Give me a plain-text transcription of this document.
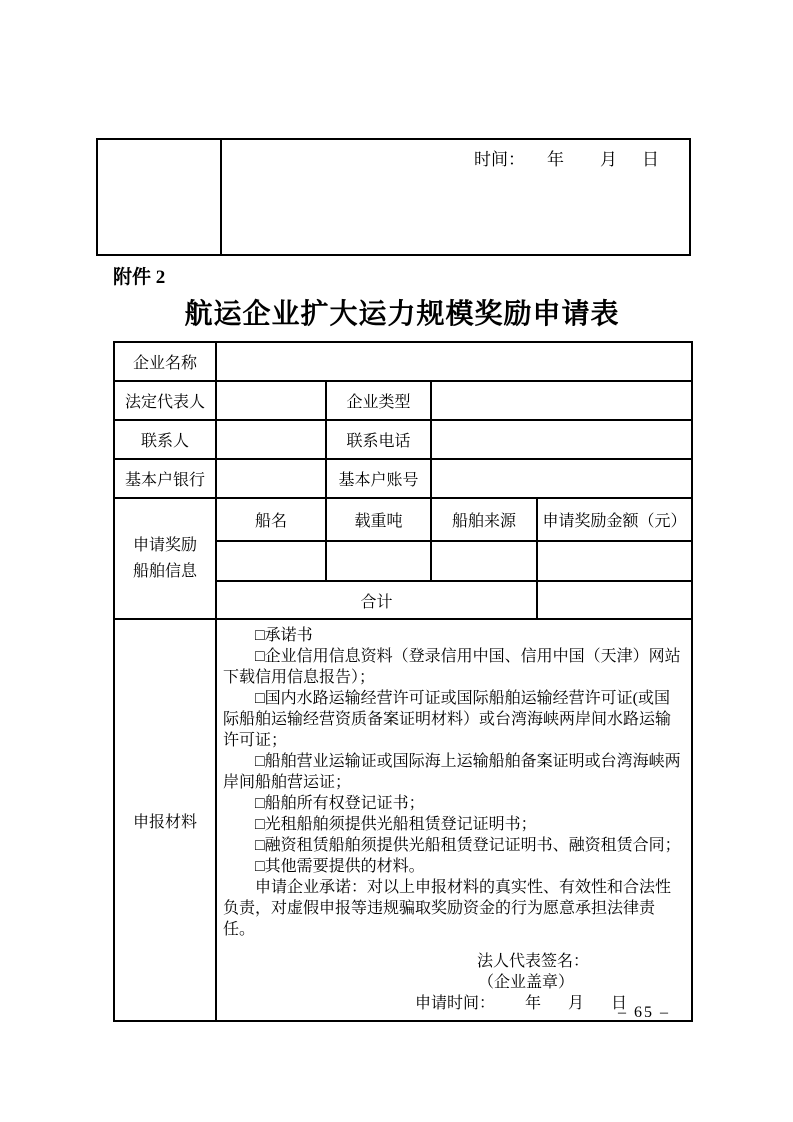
	时间： 年 月 日
附件 2
航运企业扩大运力规模奖励申请表
企业名称				
法定代表人		企业类型		
联系人		联系电话		
基本户银行		基本户账号		

申请奖励
船舶信息	船名	载重吨	船舶来源	申请奖励金额（元）

	合计			
申报材料	

□承诺书

□企业信用信息资料（登录信用中国、信用中国（天津）网站下载信用信息报告）；

□国内水路运输经营许可证或国际船舶运输经营许可证(或国际船舶运输经营资质备案证明材料）或台湾海峡两岸间水路运输许可证；

□船舶营业运输证或国际海上运输船舶备案证明或台湾海峡两岸间船舶营运证；

□船舶所有权登记证书；

□光租船舶须提供光船租赁登记证明书；

□融资租赁船舶须提供光船租赁登记证明书、融资租赁合同；

□其他需要提供的材料。

申请企业承诺：对以上申报材料的真实性、有效性和合法性负责，对虚假申报等违规骗取奖励资金的行为愿意承担法律责任。

法人代表签名：
（企业盖章）
申请时间： 年 月 日
– 65 –
